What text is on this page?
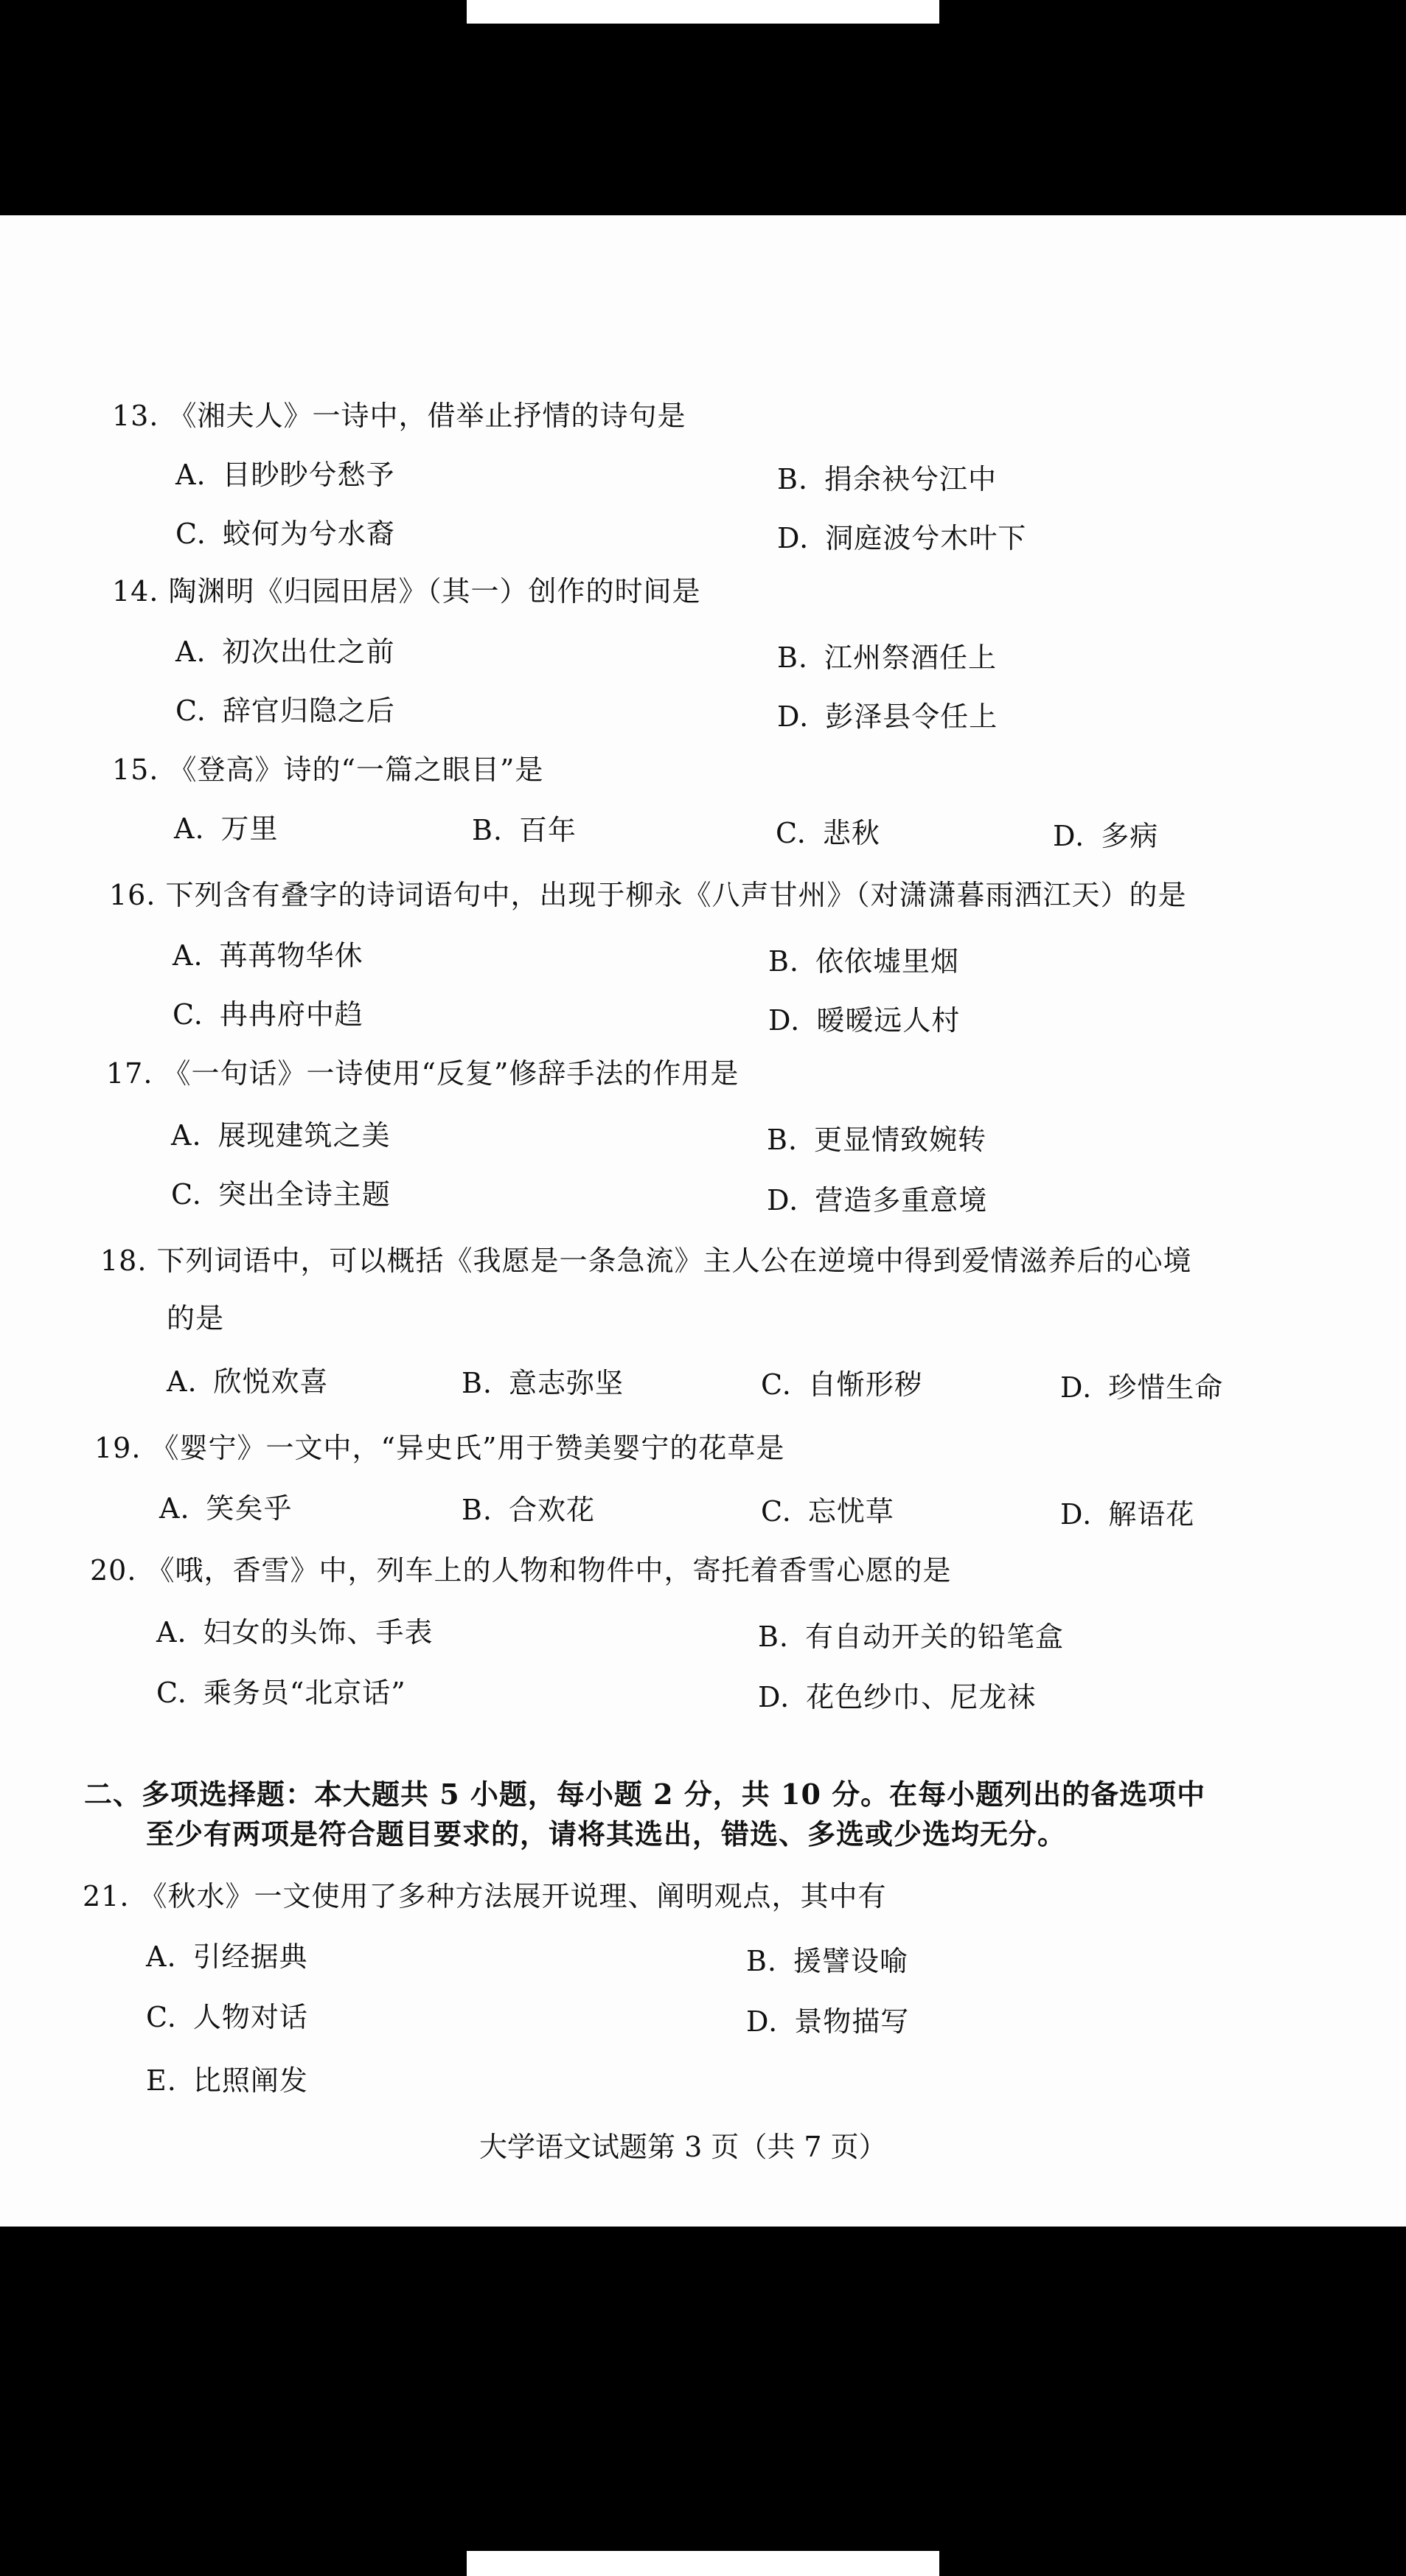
13. 《湘夫人》一诗中，借举止抒情的诗句是
A. 目眇眇兮愁予	B. 捐余袂兮江中
C. 蛟何为兮水裔	D. 洞庭波兮木叶下
14. 陶渊明《归园田居》（其一）创作的时间是
A. 初次出仕之前	B. 江州祭酒任上
C. 辞官归隐之后	D. 彭泽县令任上
15. 《登高》诗的“一篇之眼目”是
A. 万里	B. 百年	C. 悲秋	D. 多病
16. 下列含有叠字的诗词语句中，出现于柳永《八声甘州》（对潇潇暮雨洒江天）的是
A. 苒苒物华休	B. 依依墟里烟
C. 冉冉府中趋	D. 暧暧远人村
17. 《一句话》一诗使用“反复”修辞手法的作用是
A. 展现建筑之美	B. 更显情致婉转
C. 突出全诗主题	D. 营造多重意境
18. 下列词语中，可以概括《我愿是一条急流》主人公在逆境中得到爱情滋养后的心境
的是
A. 欣悦欢喜	B. 意志弥坚	C. 自惭形秽	D. 珍惜生命
19. 《婴宁》一文中，“异史氏”用于赞美婴宁的花草是
A. 笑矣乎	B. 合欢花	C. 忘忧草	D. 解语花
20. 《哦，香雪》中，列车上的人物和物件中，寄托着香雪心愿的是
A. 妇女的头饰、手表	B. 有自动开关的铅笔盒
C. 乘务员“北京话”	D. 花色纱巾、尼龙袜
二、多项选择题：本大题共 5 小题，每小题 2 分，共 10 分。在每小题列出的备选项中
至少有两项是符合题目要求的，请将其选出，错选、多选或少选均无分。
21. 《秋水》一文使用了多种方法展开说理、阐明观点，其中有
A. 引经据典	B. 援譬设喻
C. 人物对话	D. 景物描写
E. 比照阐发
大学语文试题第 3 页（共 7 页）
